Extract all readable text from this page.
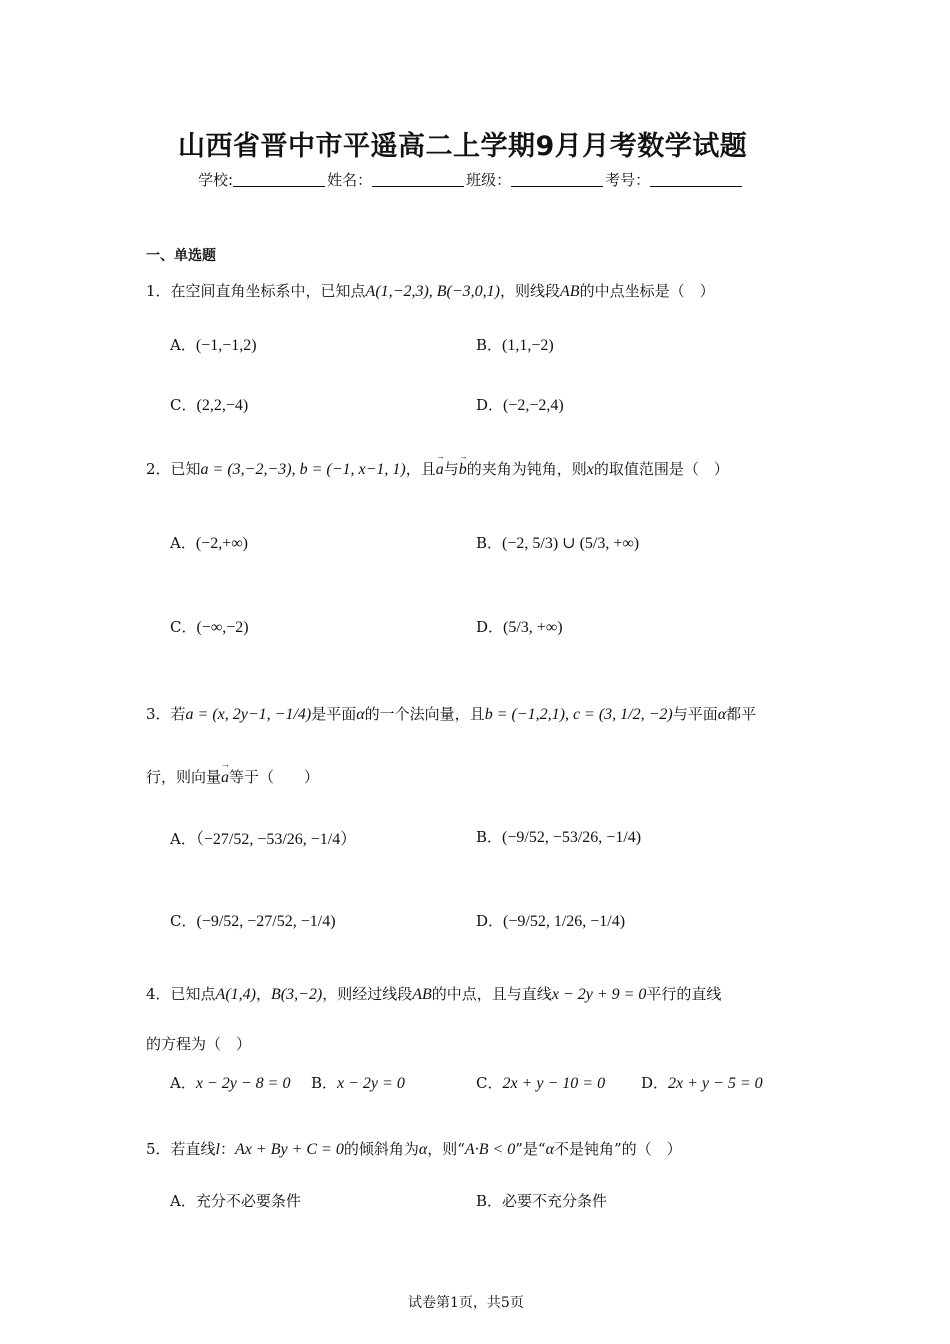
山西省晋中市平遥高二上学期9月月考数学试题
学校:	姓名：	班级：	考号：
一、单选题
1．在空间直角坐标系中，已知点A(1,−2,3), B(−3,0,1)，则线段AB的中点坐标是（　）
A．(−1,−1,2)	B．(1,1,−2)
C．(2,2,−4)	D．(−2,−2,4)
2．已知a = (3,−2,−3), b = (−1, x−1, 1)，且→ a与→ b的夹角为钝角，则x的取值范围是（　）
A．(−2,+∞)	B．(−2, 5/3) ∪ (5/3, +∞)
C．(−∞,−2)	D．(5/3, +∞)
3．若a = (x, 2y−1, −1/4)是平面α的一个法向量，且b = (−1,2,1), c = (3, 1/2, −2)与平面α都平
行，则向量→ a等于（　　）
A．（−27/52, −53/26, −1/4）	B．(−9/52, −53/26, −1/4)
C．(−9/52, −27/52, −1/4)	D．(−9/52, 1/26, −1/4)
4．已知点A(1,4)，B(3,−2)，则经过线段AB的中点，且与直线x − 2y + 9 = 0平行的直线
的方程为（　）
A．x − 2y − 8 = 0 B．x − 2y = 0	C．2x + y − 10 = 0 D．2x + y − 5 = 0
5．若直线l：Ax + By + C = 0的倾斜角为α，则“A·B < 0”是“α不是钝角”的（　）
A．充分不必要条件	B．必要不充分条件
试卷第1页，共5页
